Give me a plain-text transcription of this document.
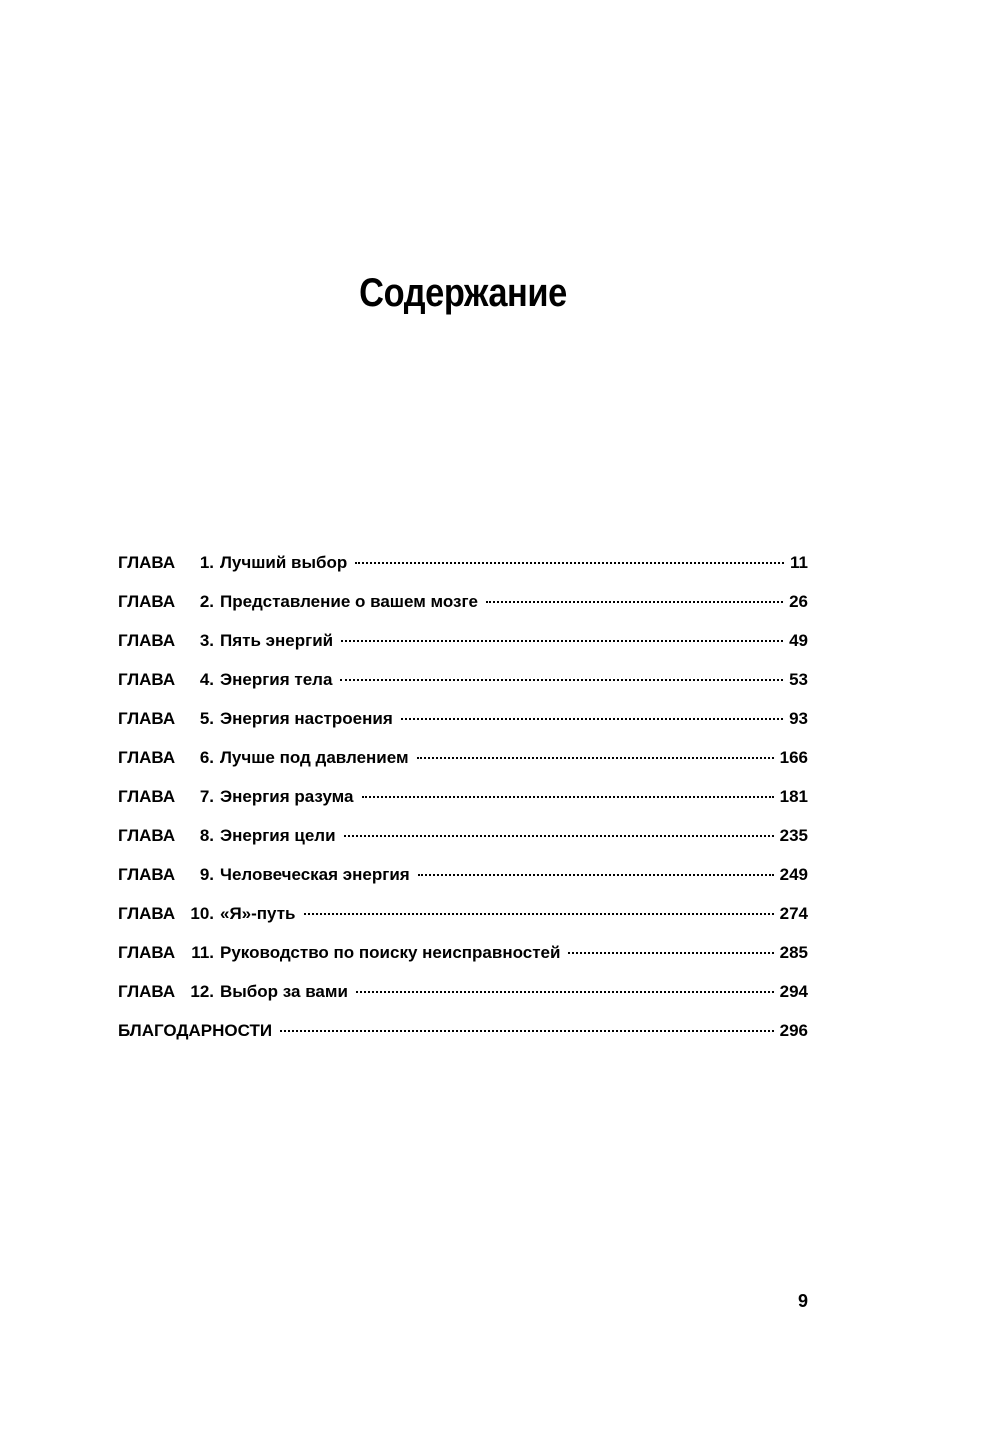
Содержание
ГЛАВА	1. Лучший выбор	11
ГЛАВА	2. Представление о вашем мозге	26
ГЛАВА	3. Пять энергий	49
ГЛАВА	4. Энергия тела	53
ГЛАВА	5. Энергия настроения	93
ГЛАВА	6. Лучше под давлением	166
ГЛАВА	7. Энергия разума	181
ГЛАВА	8. Энергия цели	235
ГЛАВА	9. Человеческая энергия	249
ГЛАВА 10. «Я»-путь	274
ГЛАВА 11. Руководство по поиску неисправностей	285
ГЛАВА 12. Выбор за вами	294
БЛАГОДАРНОСТИ	296
9
